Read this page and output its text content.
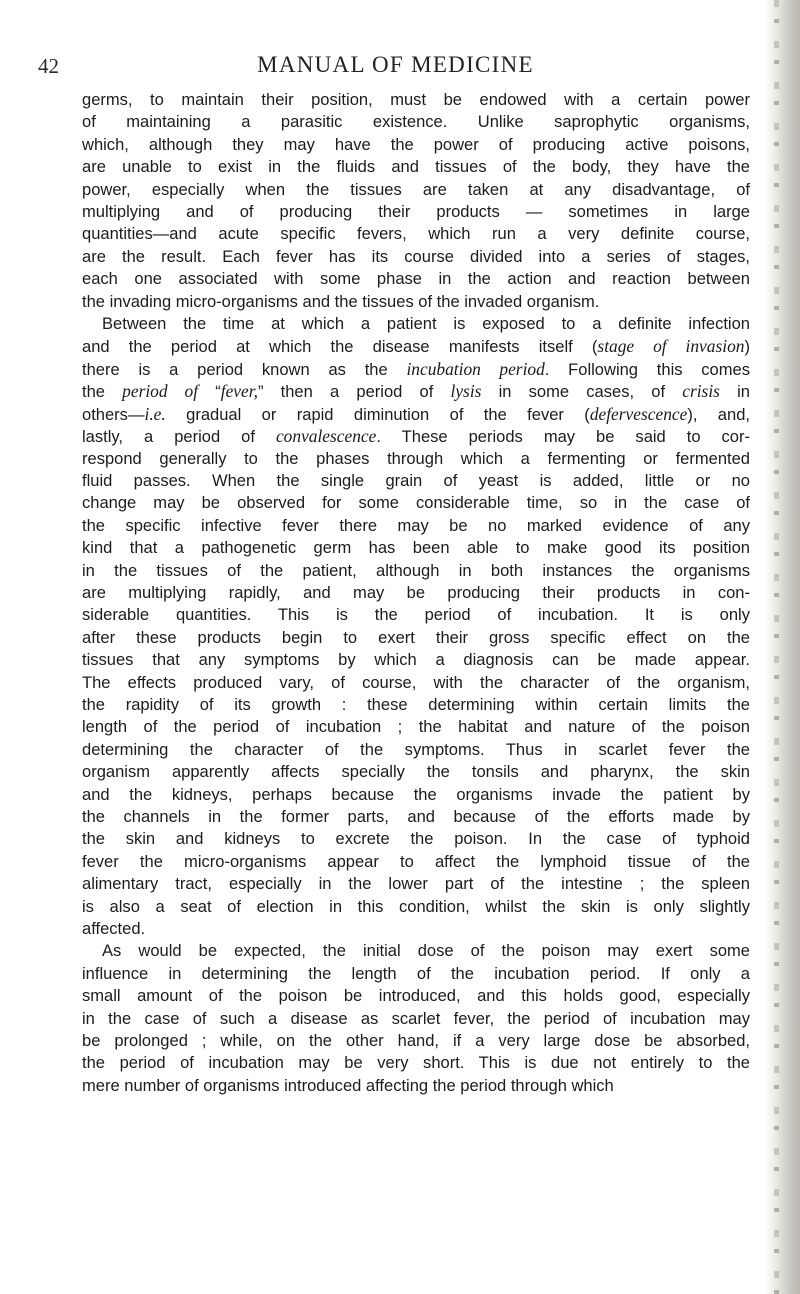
42	MANUAL OF MEDICINE
germs, to maintain their position, must be endowed with a certain power
of maintaining a parasitic existence. Unlike saprophytic organisms,
which, although they may have the power of producing active poisons,
are unable to exist in the fluids and tissues of the body, they have the
power, especially when the tissues are taken at any disadvantage, of
multiplying and of producing their products — sometimes in large
quantities—and acute specific fevers, which run a very definite course,
are the result. Each fever has its course divided into a series of stages,
each one associated with some phase in the action and reaction between
the invading micro-organisms and the tissues of the invaded organism.
Between the time at which a patient is exposed to a definite infection
and the period at which the disease manifests itself (stage of invasion)
there is a period known as the incubation period. Following this comes
the period of “fever,” then a period of lysis in some cases, of crisis in
others—i.e. gradual or rapid diminution of the fever (defervescence), and,
lastly, a period of convalescence. These periods may be said to cor-
respond generally to the phases through which a fermenting or fermented
fluid passes. When the single grain of yeast is added, little or no
change may be observed for some considerable time, so in the case of
the specific infective fever there may be no marked evidence of any
kind that a pathogenetic germ has been able to make good its position
in the tissues of the patient, although in both instances the organisms
are multiplying rapidly, and may be producing their products in con-
siderable quantities. This is the period of incubation. It is only
after these products begin to exert their gross specific effect on the
tissues that any symptoms by which a diagnosis can be made appear.
The effects produced vary, of course, with the character of the organism,
the rapidity of its growth : these determining within certain limits the
length of the period of incubation ; the habitat and nature of the poison
determining the character of the symptoms. Thus in scarlet fever the
organism apparently affects specially the tonsils and pharynx, the skin
and the kidneys, perhaps because the organisms invade the patient by
the channels in the former parts, and because of the efforts made by
the skin and kidneys to excrete the poison. In the case of typhoid
fever the micro-organisms appear to affect the lymphoid tissue of the
alimentary tract, especially in the lower part of the intestine ; the spleen
is also a seat of election in this condition, whilst the skin is only slightly
affected.
As would be expected, the initial dose of the poison may exert some
influence in determining the length of the incubation period. If only a
small amount of the poison be introduced, and this holds good, especially
in the case of such a disease as scarlet fever, the period of incubation may
be prolonged ; while, on the other hand, if a very large dose be absorbed,
the period of incubation may be very short. This is due not entirely to the
mere number of organisms introduced affecting the period through which
